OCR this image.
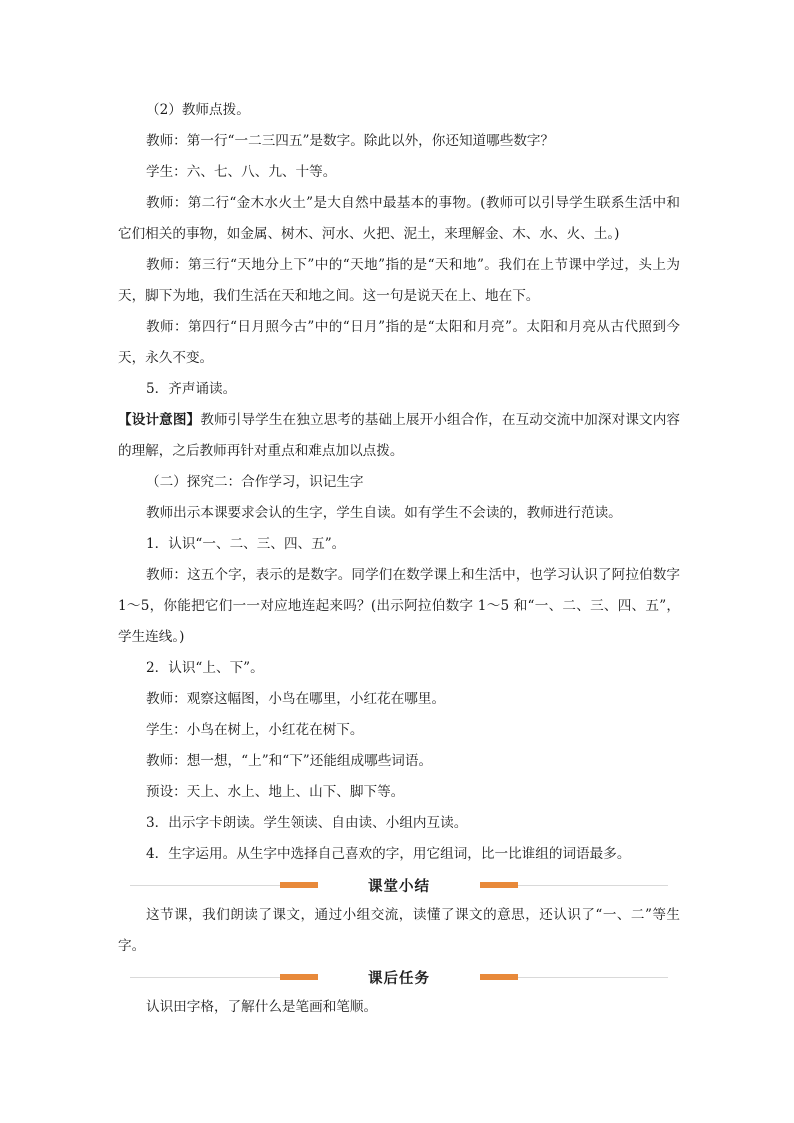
（2）教师点拨。

教师：第一行“一二三四五”是数字。除此以外，你还知道哪些数字？

学生：六、七、八、九、十等。

教师：第二行“金木水火土”是大自然中最基本的事物。(教师可以引导学生联系生活中和它们相关的事物，如金属、树木、河水、火把、泥土，来理解金、木、水、火、土。)

教师：第三行“天地分上下”中的“天地”指的是“天和地”。我们在上节课中学过，头上为天，脚下为地，我们生活在天和地之间。这一句是说天在上、地在下。

教师：第四行“日月照今古”中的“日月”指的是“太阳和月亮”。太阳和月亮从古代照到今天，永久不变。

5．齐声诵读。

【设计意图】教师引导学生在独立思考的基础上展开小组合作，在互动交流中加深对课文内容的理解，之后教师再针对重点和难点加以点拨。

（二）探究二：合作学习，识记生字

教师出示本课要求会认的生字，学生自读。如有学生不会读的，教师进行范读。

1．认识“一、二、三、四、五”。

教师：这五个字，表示的是数字。同学们在数学课上和生活中，也学习认识了阿拉伯数字 1～5，你能把它们一一对应地连起来吗？(出示阿拉伯数字 1～5 和“一、二、三、四、五”，学生连线。)

2．认识“上、下”。

教师：观察这幅图，小鸟在哪里，小红花在哪里。

学生：小鸟在树上，小红花在树下。

教师：想一想，“上”和“下”还能组成哪些词语。

预设：天上、水上、地上、山下、脚下等。

3．出示字卡朗读。学生领读、自由读、小组内互读。

4．生字运用。从生字中选择自己喜欢的字，用它组词，比一比谁组的词语最多。

课堂小结

这节课，我们朗读了课文，通过小组交流，读懂了课文的意思，还认识了“一、二”等生字。

课后任务

认识田字格，了解什么是笔画和笔顺。
